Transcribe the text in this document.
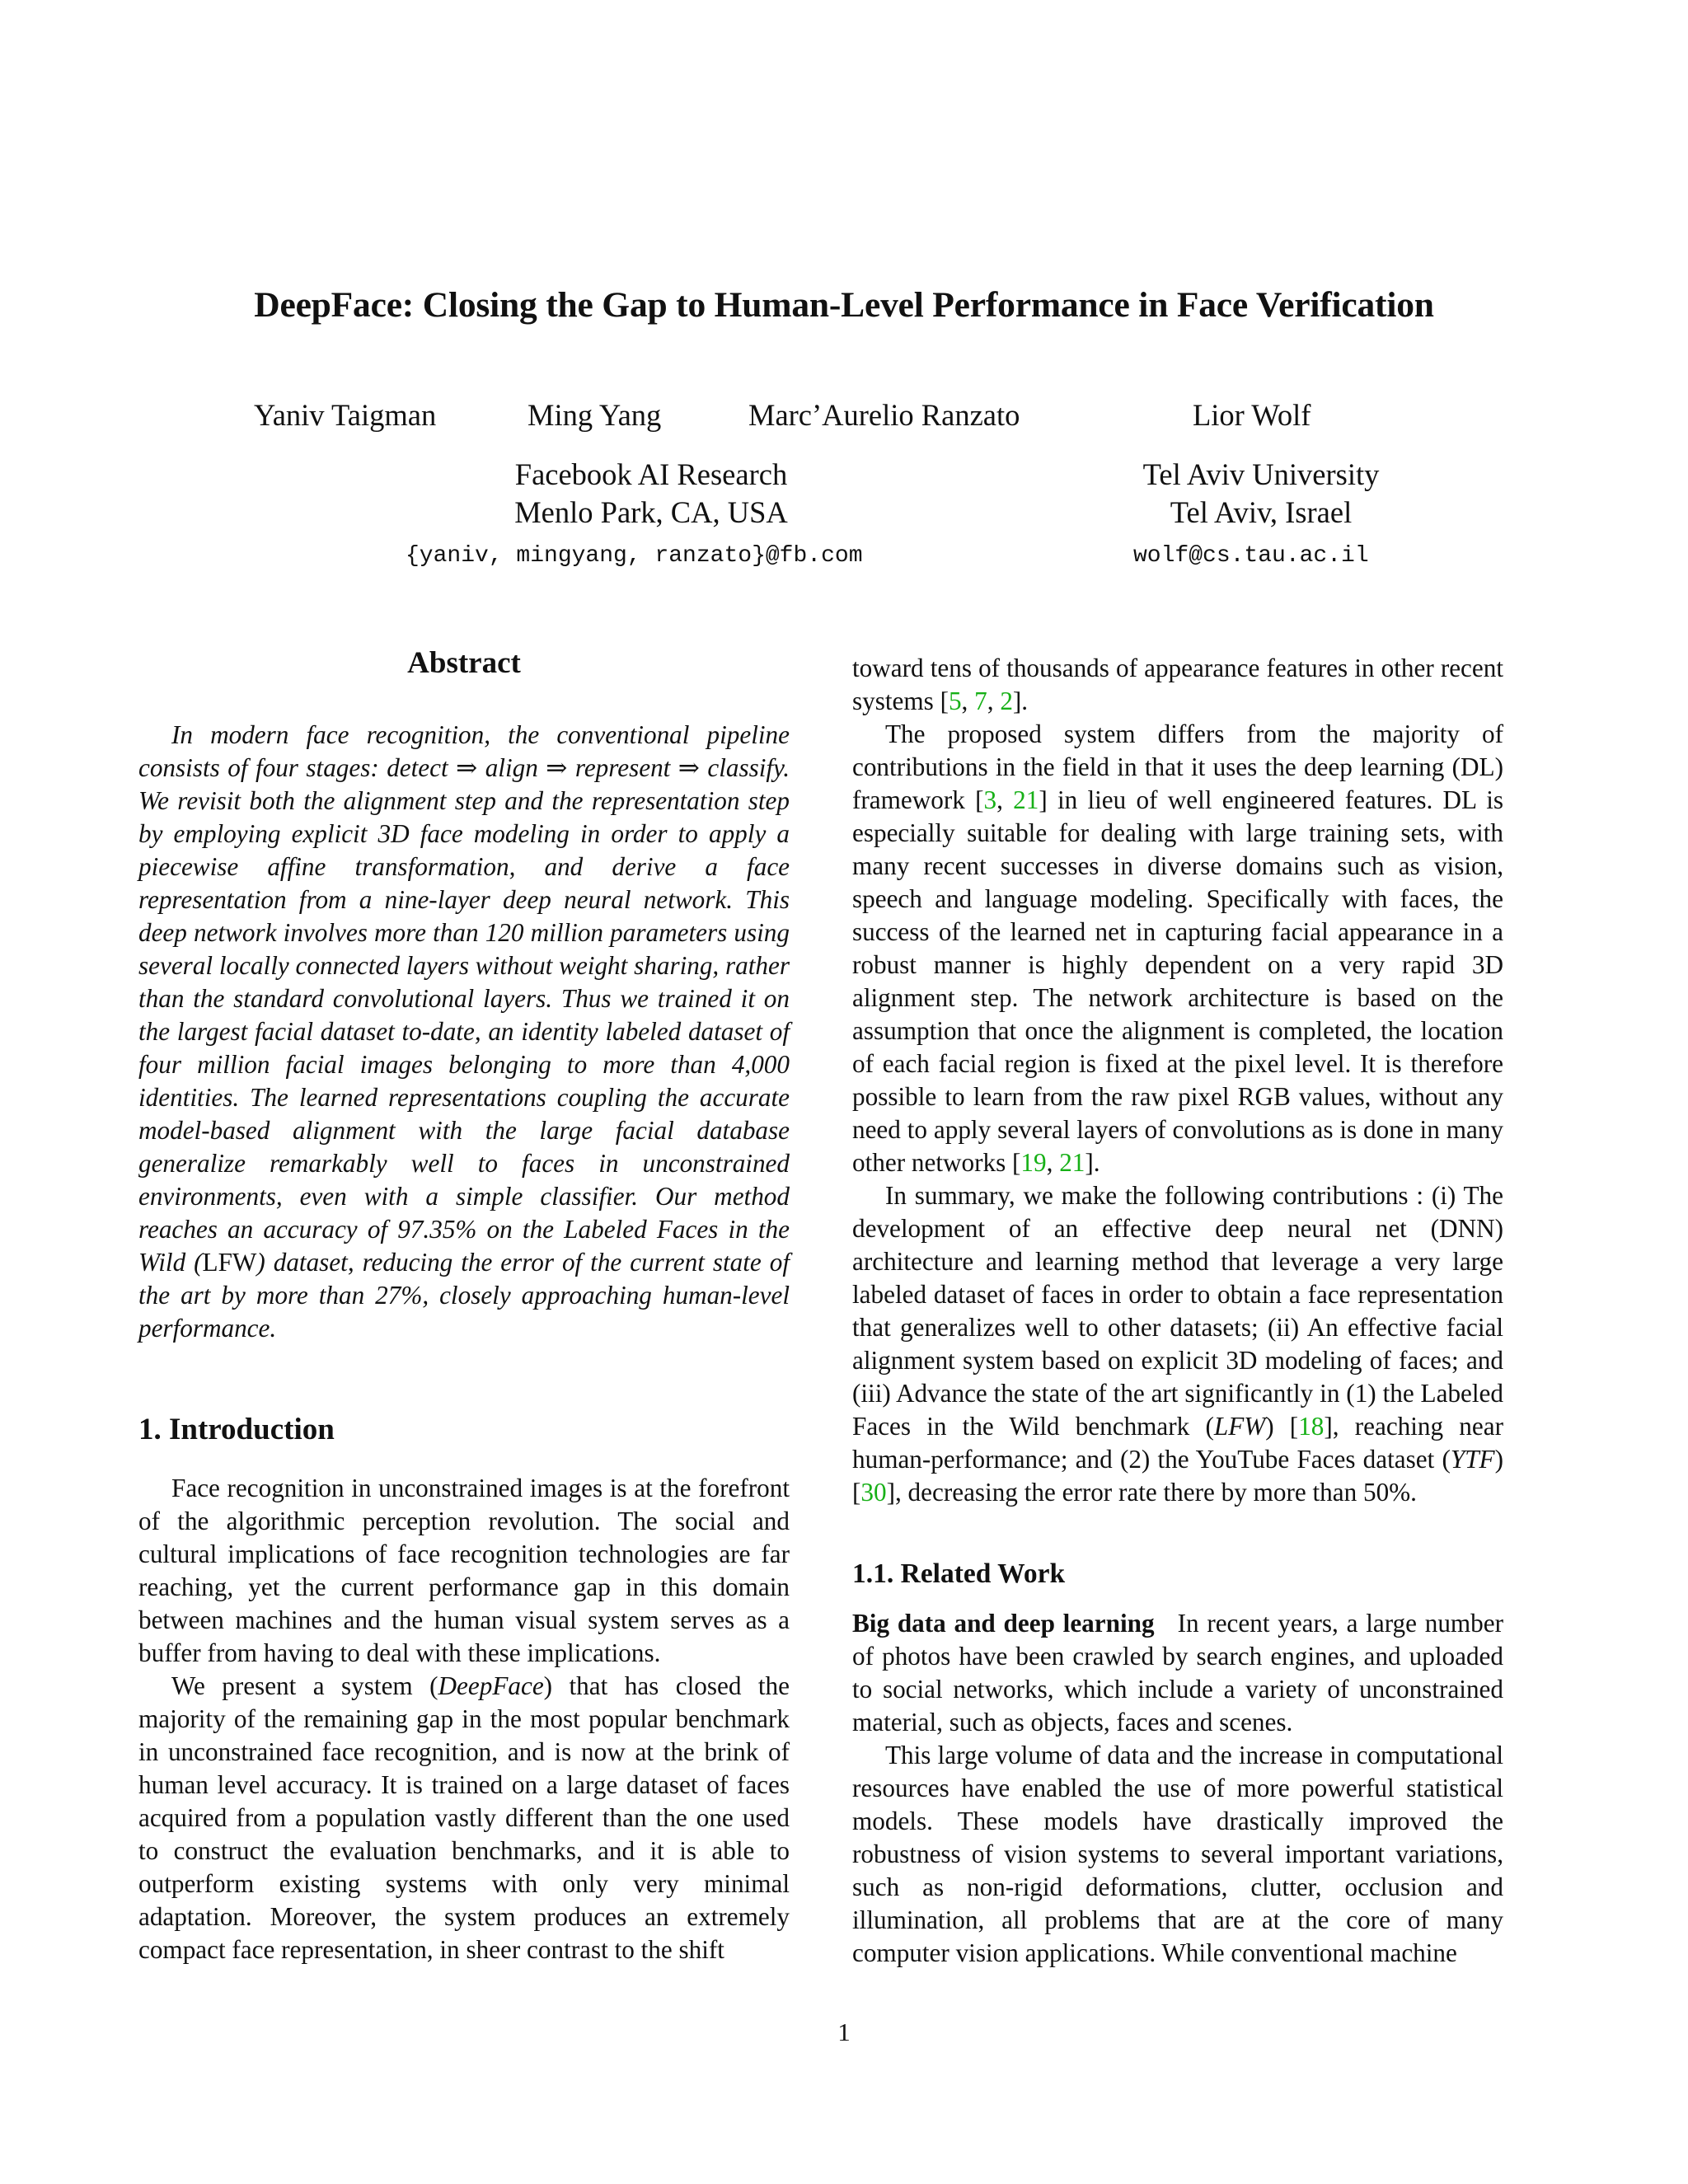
DeepFace: Closing the Gap to Human-Level Performance in Face Verification
Yaniv Taigman	Ming Yang	Marc’Aurelio Ranzato	Lior Wolf
Facebook AI Research
Menlo Park, CA, USA
{yaniv, mingyang, ranzato}@fb.com
Tel Aviv University
Tel Aviv, Israel
wolf@cs.tau.ac.il
Abstract

In modern face recognition, the conventional pipeline consists of four stages: detect ⇒ align ⇒ represent ⇒ classify. We revisit both the alignment step and the representation step by employing explicit 3D face modeling in order to apply a piecewise affine transformation, and derive a face representation from a nine-layer deep neural network. This deep network involves more than 120 million parameters using several locally connected layers without weight sharing, rather than the standard convolutional layers. Thus we trained it on the largest facial dataset to-date, an identity labeled dataset of four million facial images belonging to more than 4,000 identities. The learned representations coupling the accurate model-based alignment with the large facial database generalize remarkably well to faces in unconstrained environments, even with a simple classifier. Our method reaches an accuracy of 97.35% on the Labeled Faces in the Wild (LFW) dataset, reducing the error of the current state of the art by more than 27%, closely approaching human-level performance.

1. Introduction

Face recognition in unconstrained images is at the forefront of the algorithmic perception revolution. The social and cultural implications of face recognition technologies are far reaching, yet the current performance gap in this domain between machines and the human visual system serves as a buffer from having to deal with these implications.

We present a system (DeepFace) that has closed the majority of the remaining gap in the most popular benchmark in unconstrained face recognition, and is now at the brink of human level accuracy. It is trained on a large dataset of faces acquired from a population vastly different than the one used to construct the evaluation benchmarks, and it is able to outperform existing systems with only very minimal adaptation. Moreover, the system produces an extremely compact face representation, in sheer contrast to the shift

toward tens of thousands of appearance features in other recent systems [5, 7, 2].

The proposed system differs from the majority of contributions in the field in that it uses the deep learning (DL) framework [3, 21] in lieu of well engineered features. DL is especially suitable for dealing with large training sets, with many recent successes in diverse domains such as vision, speech and language modeling. Specifically with faces, the success of the learned net in capturing facial appearance in a robust manner is highly dependent on a very rapid 3D alignment step. The network architecture is based on the assumption that once the alignment is completed, the location of each facial region is fixed at the pixel level. It is therefore possible to learn from the raw pixel RGB values, without any need to apply several layers of convolutions as is done in many other networks [19, 21].

In summary, we make the following contributions : (i) The development of an effective deep neural net (DNN) architecture and learning method that leverage a very large labeled dataset of faces in order to obtain a face representation that generalizes well to other datasets; (ii) An effective facial alignment system based on explicit 3D modeling of faces; and (iii) Advance the state of the art significantly in (1) the Labeled Faces in the Wild benchmark (LFW) [18], reaching near human-performance; and (2) the YouTube Faces dataset (YTF) [30], decreasing the error rate there by more than 50%.

1.1. Related Work

Big data and deep learning In recent years, a large number of photos have been crawled by search engines, and uploaded to social networks, which include a variety of unconstrained material, such as objects, faces and scenes.

This large volume of data and the increase in computational resources have enabled the use of more powerful statistical models. These models have drastically improved the robustness of vision systems to several important variations, such as non-rigid deformations, clutter, occlusion and illumination, all problems that are at the core of many computer vision applications. While conventional machine

1
